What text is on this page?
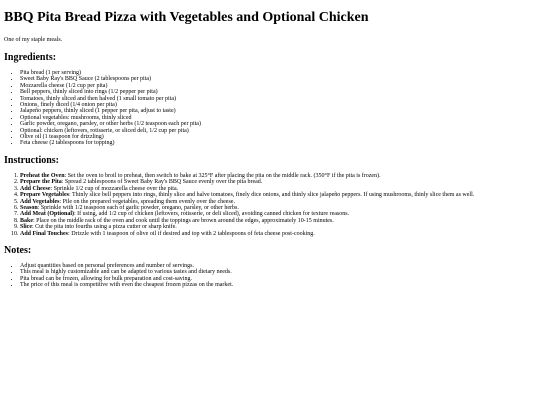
BBQ Pita Bread Pizza with Vegetables and Optional Chicken

One of my staple meals.

Ingredients:
• Pita bread (1 per serving)
• Sweet Baby Ray's BBQ Sauce (2 tablespoons per pita)
• Mozzarella cheese (1/2 cup per pita)
• Bell peppers, thinly sliced into rings (1/2 pepper per pita)
• Tomatoes, thinly sliced and then halved (1 small tomato per pita)
• Onions, finely diced (1/4 onion per pita)
• Jalapeño peppers, thinly sliced (1 pepper per pita, adjust to taste)
• Optional vegetables: mushrooms, thinly sliced
• Garlic powder, oregano, parsley, or other herbs (1/2 teaspoon each per pita)
• Optional: chicken (leftovers, rotisserie, or sliced deli, 1/2 cup per pita)
• Olive oil (1 teaspoon for drizzling)
• Feta cheese (2 tablespoons for topping)
Instructions:
1. Preheat the Oven: Set the oven to broil to preheat, then switch to bake at 325°F after placing the pita on the middle rack. (350°F if the pita is frozen).
2. Prepare the Pita: Spread 2 tablespoons of Sweet Baby Ray's BBQ Sauce evenly over the pita bread.
3. Add Cheese: Sprinkle 1/2 cup of mozzarella cheese over the pita.
4. Prepare Vegetables: Thinly slice bell peppers into rings, thinly slice and halve tomatoes, finely dice onions, and thinly slice jalapeño peppers. If using mushrooms, thinly slice them as well.
5. Add Vegetables: Pile on the prepared vegetables, spreading them evenly over the cheese.
6. Season: Sprinkle with 1/2 teaspoon each of garlic powder, oregano, parsley, or other herbs.
7. Add Meat (Optional): If using, add 1/2 cup of chicken (leftovers, rotisserie, or deli sliced), avoiding canned chicken for texture reasons.
8. Bake: Place on the middle rack of the oven and cook until the toppings are brown around the edges, approximately 10-15 minutes.
9. Slice: Cut the pita into fourths using a pizza cutter or sharp knife.
10. Add Final Touches: Drizzle with 1 teaspoon of olive oil if desired and top with 2 tablespoons of feta cheese post-cooking.
Notes:
• Adjust quantities based on personal preferences and number of servings.
• This meal is highly customizable and can be adapted to various tastes and dietary needs.
• Pita bread can be frozen, allowing for bulk preparation and cost-saving.
• The price of this meal is competitive with even the cheapest frozen pizzas on the market.
